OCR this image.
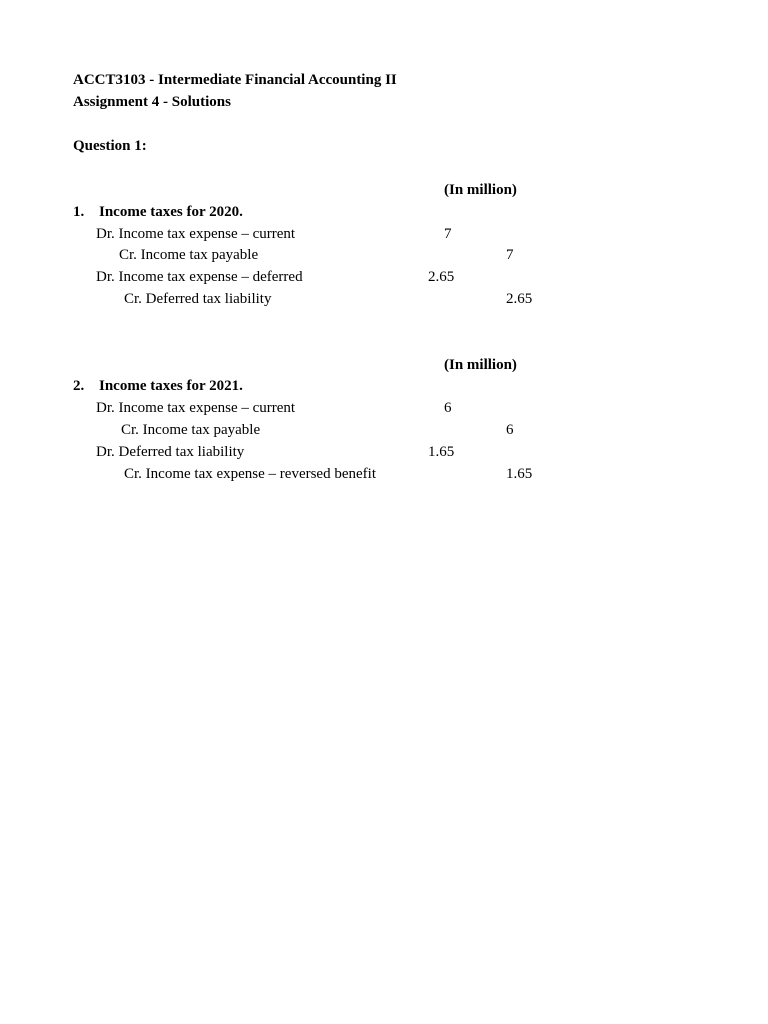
ACCT3103 - Intermediate Financial Accounting II
Assignment 4 - Solutions
Question 1:
(In million)
1. Income taxes for 2020.
Dr. Income tax expense – current	7
Cr. Income tax payable	7
Dr. Income tax expense – deferred	2.65
Cr. Deferred tax liability	2.65
(In million)
2. Income taxes for 2021.
Dr. Income tax expense – current	6
Cr. Income tax payable	6
Dr. Deferred tax liability	1.65
Cr. Income tax expense – reversed benefit	1.65
